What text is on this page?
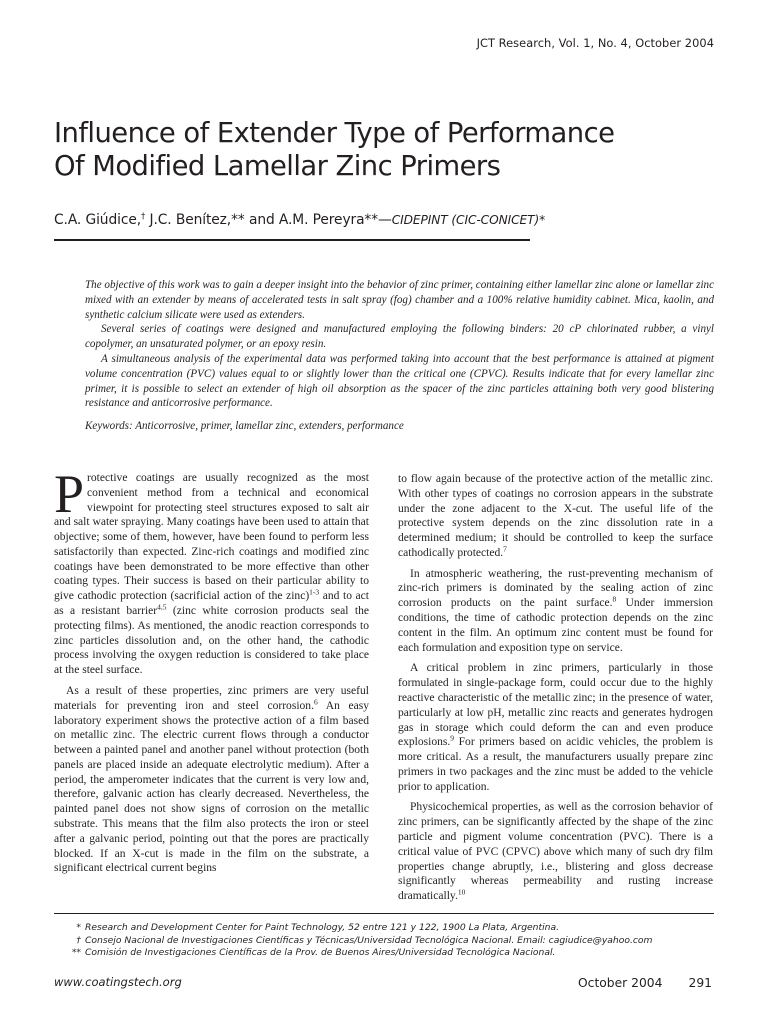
JCT Research, Vol. 1, No. 4, October 2004
Influence of Extender Type of Performance
Of Modified Lamellar Zinc Primers
C.A. Giúdice,† J.C. Benítez,** and A.M. Pereyra**—CIDEPINT (CIC-CONICET)*

The objective of this work was to gain a deeper insight into the behavior of zinc primer, containing either lamellar zinc alone or lamellar zinc mixed with an extender by means of accelerated tests in salt spray (fog) chamber and a 100% relative humidity cabinet. Mica, kaolin, and synthetic calcium silicate were used as extenders.

Several series of coatings were designed and manufactured employing the following binders: 20 cP chlorinated rubber, a vinyl copolymer, an unsaturated polymer, or an epoxy resin.

A simultaneous analysis of the experimental data was performed taking into account that the best performance is attained at pigment volume concentration (PVC) values equal to or slightly lower than the critical one (CPVC). Results indicate that for every lamellar zinc primer, it is possible to select an extender of high oil absorption as the spacer of the zinc particles attaining both very good blistering resistance and anticorrosive performance.

Keywords: Anticorrosive, primer, lamellar zinc, extenders, performance

Protective coatings are usually recognized as the most convenient method from a technical and economical viewpoint for protecting steel structures exposed to salt air and salt water spraying. Many coatings have been used to attain that objective; some of them, however, have been found to perform less satisfactorily than expected. Zinc-rich coatings and modified zinc coatings have been demonstrated to be more effective than other coating types. Their success is based on their particular ability to give cathodic protection (sacrificial action of the zinc)$^{1-3}$ and to act as a resistant barrier$^{4,5}$ (zinc white corrosion products seal the protecting films). As mentioned, the anodic reaction corresponds to zinc particles dissolution and, on the other hand, the cathodic process involving the oxygen reduction is considered to take place at the steel surface.

As a result of these properties, zinc primers are very useful materials for preventing iron and steel corrosion.$^6$ An easy laboratory experiment shows the protective action of a film based on metallic zinc. The electric current flows through a conductor between a painted panel and another panel without protection (both panels are placed inside an adequate electrolytic medium). After a period, the amperometer indicates that the current is very low and, therefore, galvanic action has clearly decreased. Nevertheless, the painted panel does not show signs of corrosion on the metallic substrate. This means that the film also protects the iron or steel after a galvanic period, pointing out that the pores are practically blocked. If an X-cut is made in the film on the substrate, a significant electrical current begins

to flow again because of the protective action of the metallic zinc. With other types of coatings no corrosion appears in the substrate under the zone adjacent to the X-cut. The useful life of the protective system depends on the zinc dissolution rate in a determined medium; it should be controlled to keep the surface cathodically protected.$^7$

In atmospheric weathering, the rust-preventing mechanism of zinc-rich primers is dominated by the sealing action of zinc corrosion products on the paint surface.$^8$ Under immersion conditions, the time of cathodic protection depends on the zinc content in the film. An optimum zinc content must be found for each formulation and exposition type on service.

A critical problem in zinc primers, particularly in those formulated in single-package form, could occur due to the highly reactive characteristic of the metallic zinc; in the presence of water, particularly at low pH, metallic zinc reacts and generates hydrogen gas in storage which could deform the can and even produce explosions.$^9$ For primers based on acidic vehicles, the problem is more critical. As a result, the manufacturers usually prepare zinc primers in two packages and the zinc must be added to the vehicle prior to application.

Physicochemical properties, as well as the corrosion behavior of zinc primers, can be significantly affected by the shape of the zinc particle and pigment volume concentration (PVC). There is a critical value of PVC (CPVC) above which many of such dry film properties change abruptly, i.e., blistering and gloss decrease significantly whereas permeability and rusting increase dramatically.$^{10}$

* Research and Development Center for Paint Technology, 52 entre 121 y 122, 1900 La Plata, Argentina.
† Consejo Nacional de Investigaciones Científicas y Técnicas/Universidad Tecnológica Nacional. Email: cagiudice@yahoo.com
** Comisión de Investigaciones Científicas de la Prov. de Buenos Aires/Universidad Tecnológica Nacional.
www.coatingstech.org	October 2004 291
